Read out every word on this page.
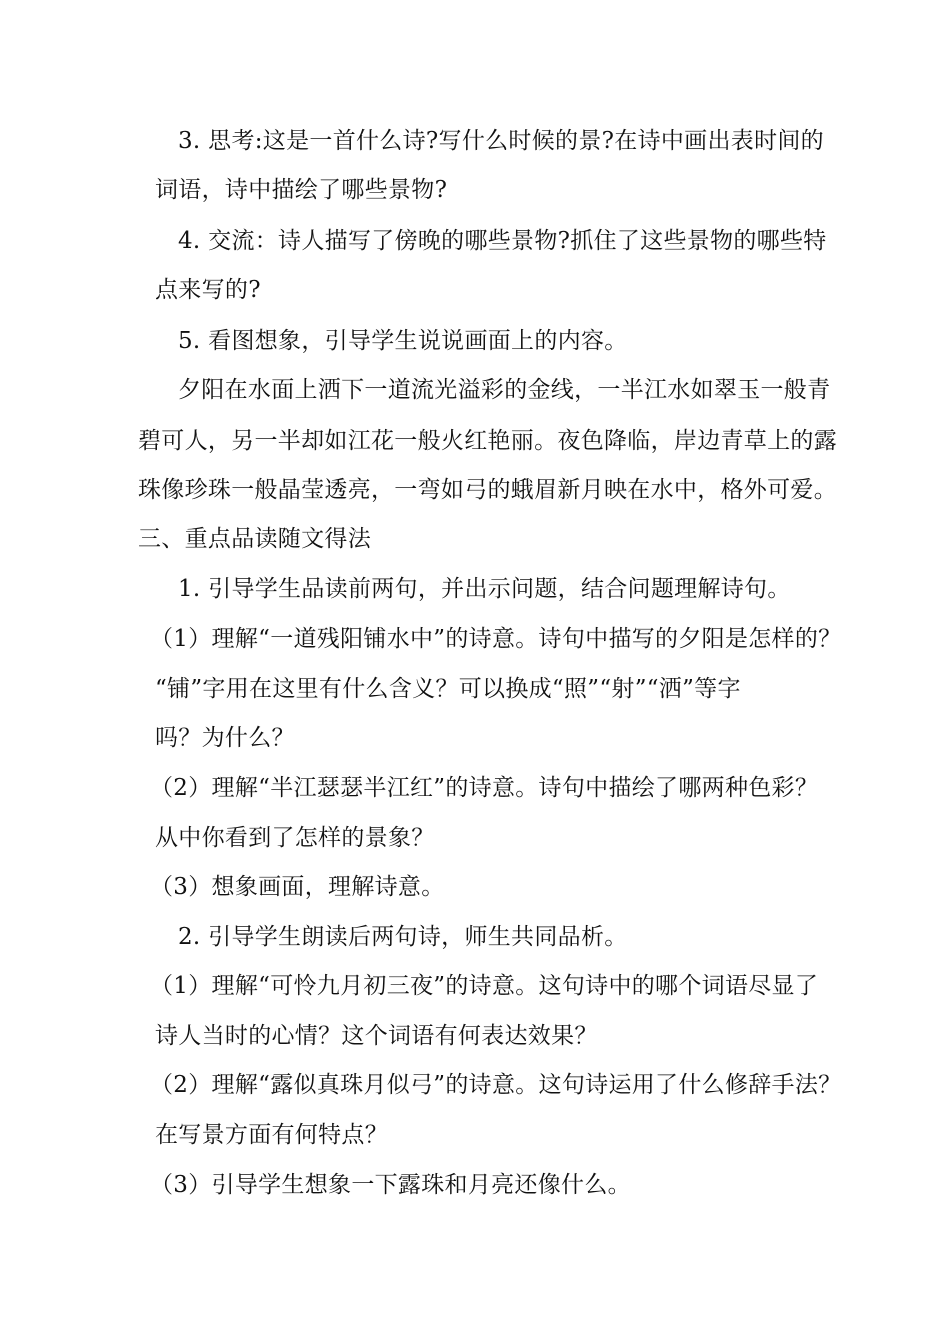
3. 思考:这是一首什么诗?写什么时候的景?在诗中画出表时间的
词语，诗中描绘了哪些景物?
4. 交流：诗人描写了傍晚的哪些景物?抓住了这些景物的哪些特
点来写的?
5. 看图想象，引导学生说说画面上的内容。
夕阳在水面上洒下一道流光溢彩的金线，一半江水如翠玉一般青
碧可人，另一半却如江花一般火红艳丽。夜色降临，岸边青草上的露
珠像珍珠一般晶莹透亮，一弯如弓的蛾眉新月映在水中，格外可爱。
三、重点品读随文得法
1. 引导学生品读前两句，并出示问题，结合问题理解诗句。
（1）理解“一道残阳铺水中”的诗意。诗句中描写的夕阳是怎样的？
“铺”字用在这里有什么含义？可以换成“照”“射”“洒”等字
吗？为什么？
（2）理解“半江瑟瑟半江红”的诗意。诗句中描绘了哪两种色彩？
从中你看到了怎样的景象？
（3）想象画面，理解诗意。
2. 引导学生朗读后两句诗，师生共同品析。
（1）理解“可怜九月初三夜”的诗意。这句诗中的哪个词语尽显了
诗人当时的心情？这个词语有何表达效果？
（2）理解“露似真珠月似弓”的诗意。这句诗运用了什么修辞手法？
在写景方面有何特点？
（3）引导学生想象一下露珠和月亮还像什么。
